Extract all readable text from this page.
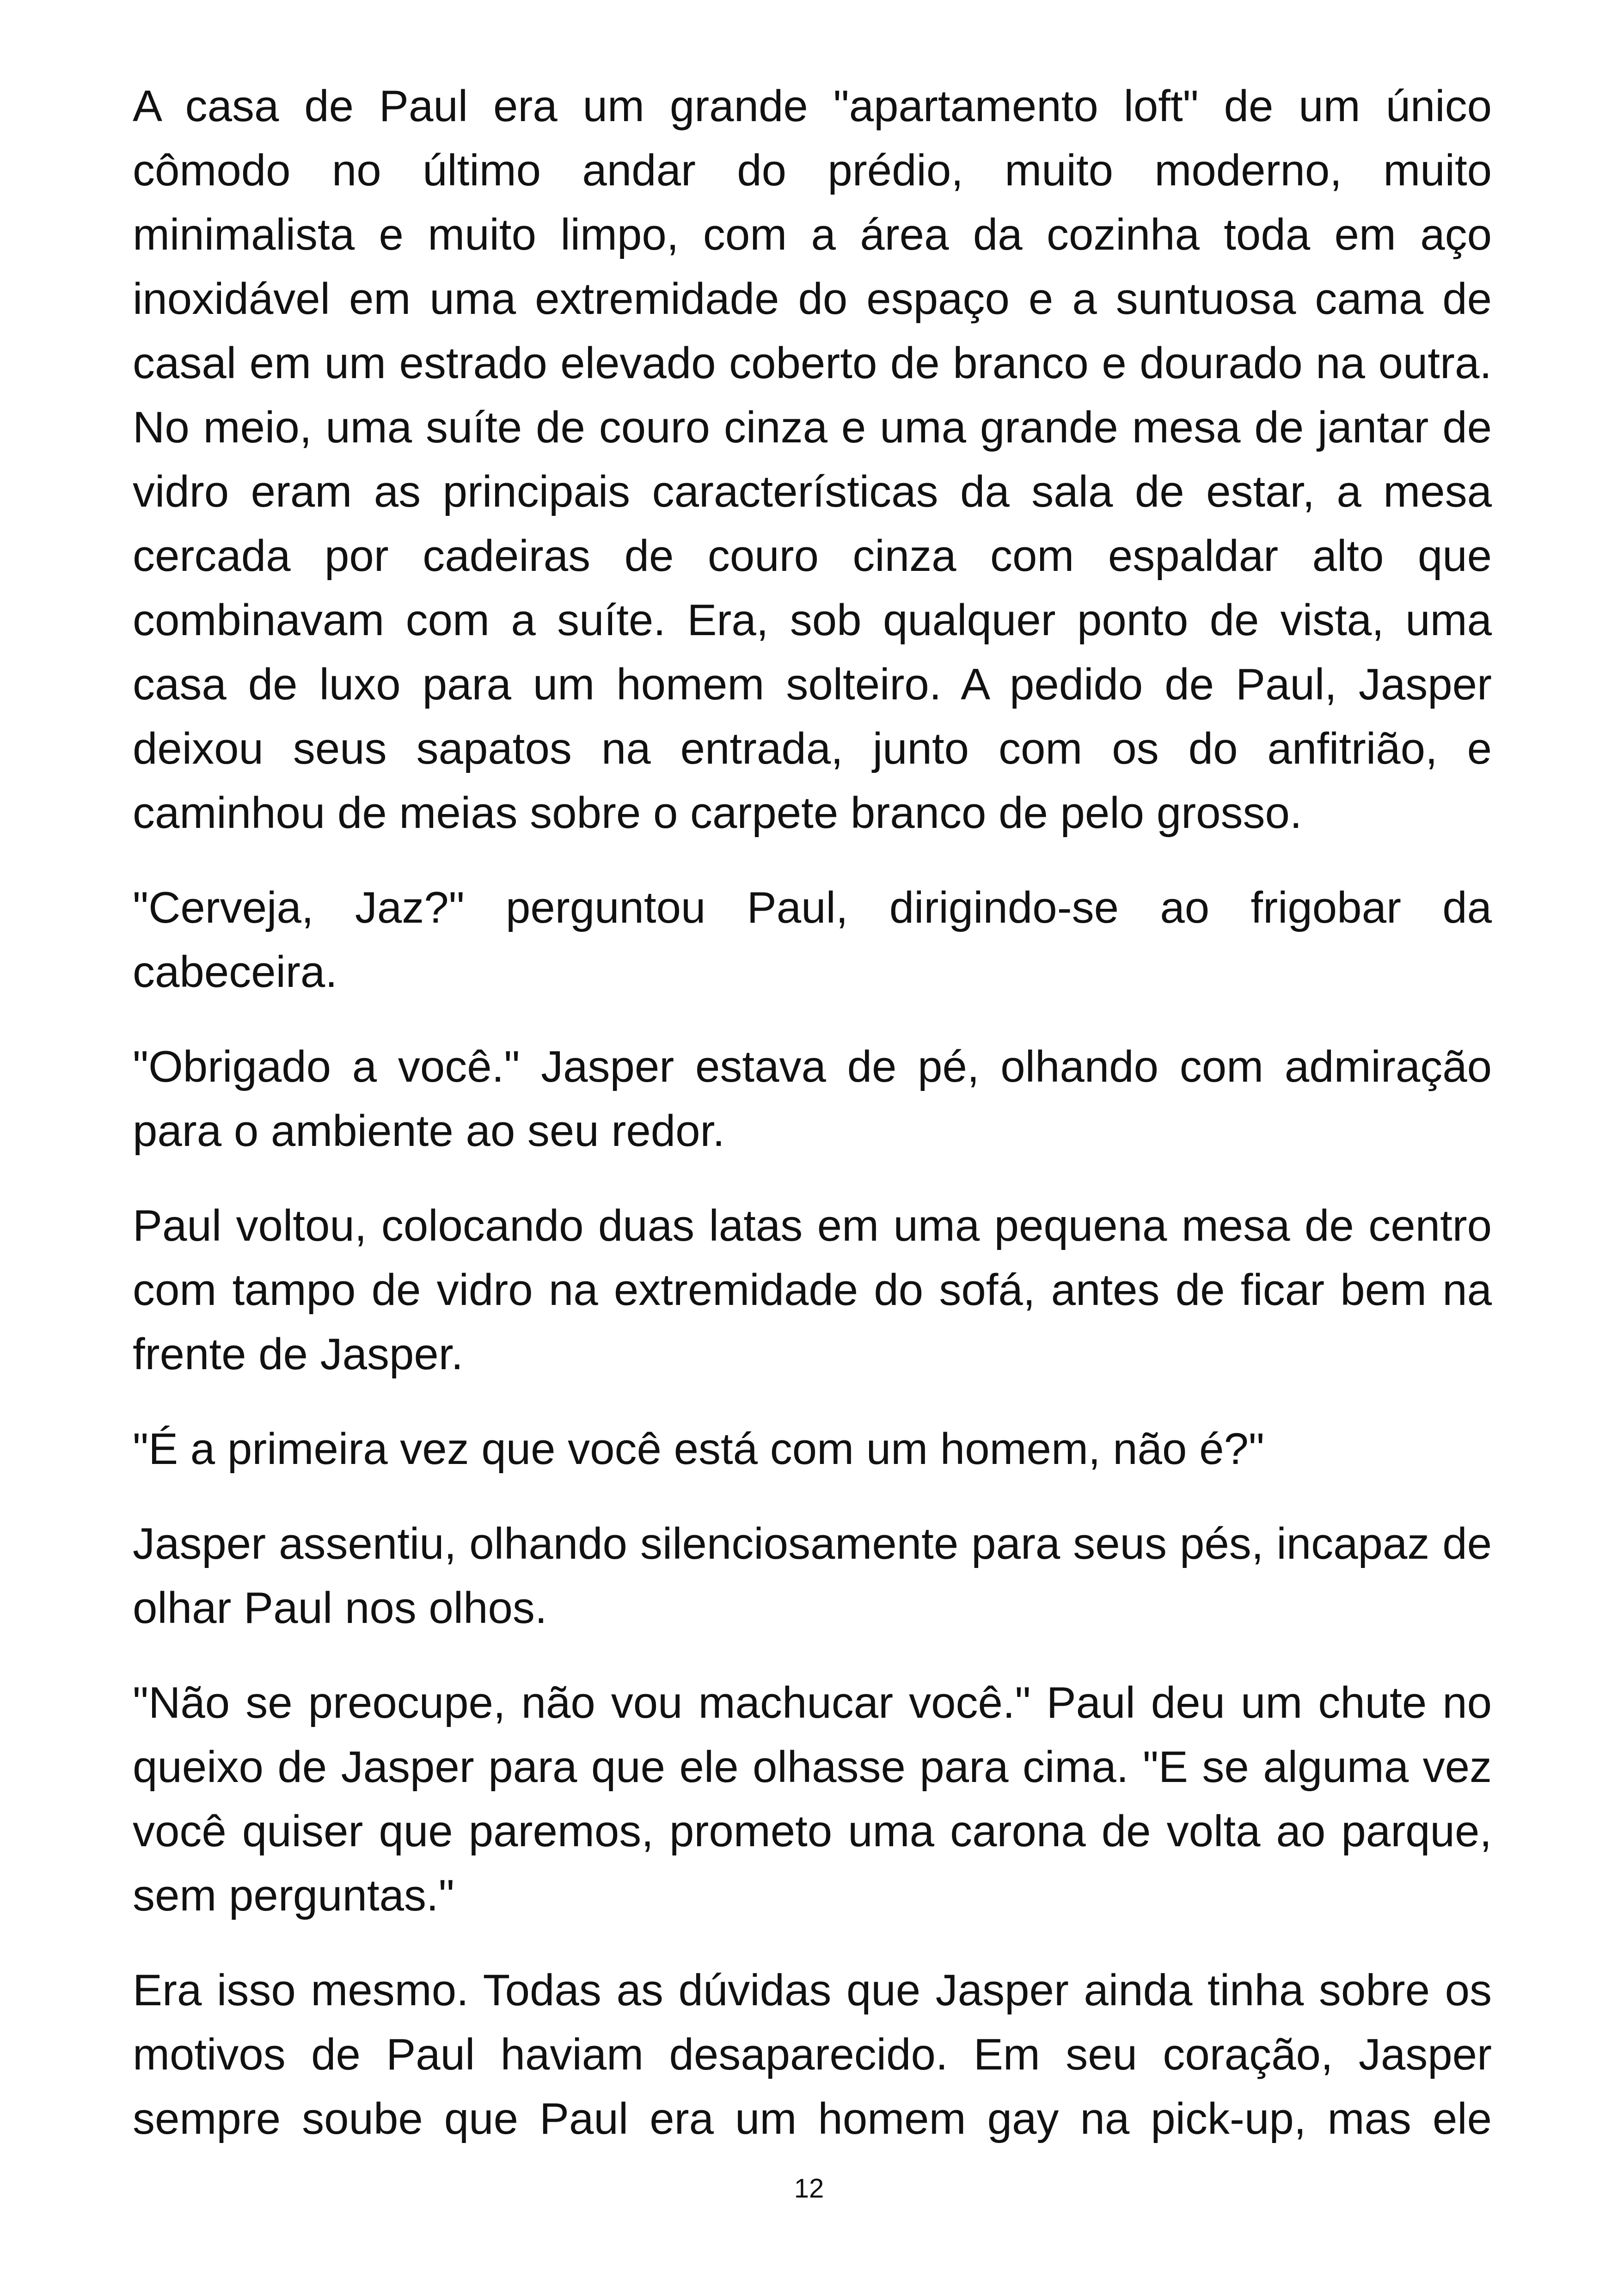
A casa de Paul era um grande "apartamento loft" de um único cômodo no último andar do prédio, muito moderno, muito minimalista e muito limpo, com a área da cozinha toda em aço inoxidável em uma extremidade do espaço e a suntuosa cama de casal em um estrado elevado coberto de branco e dourado na outra. No meio, uma suíte de couro cinza e uma grande mesa de jantar de vidro eram as principais características da sala de estar, a mesa cercada por cadeiras de couro cinza com espaldar alto que combinavam com a suíte. Era, sob qualquer ponto de vista, uma casa de luxo para um homem solteiro. A pedido de Paul, Jasper deixou seus sapatos na entrada, junto com os do anfitrião, e caminhou de meias sobre o carpete branco de pelo grosso.

"Cerveja, Jaz?" perguntou Paul, dirigindo-se ao frigobar da cabeceira.

"Obrigado a você." Jasper estava de pé, olhando com admiração para o ambiente ao seu redor.

Paul voltou, colocando duas latas em uma pequena mesa de centro com tampo de vidro na extremidade do sofá, antes de ficar bem na frente de Jasper.

"É a primeira vez que você está com um homem, não é?"

Jasper assentiu, olhando silenciosamente para seus pés, incapaz de olhar Paul nos olhos.

"Não se preocupe, não vou machucar você." Paul deu um chute no queixo de Jasper para que ele olhasse para cima. "E se alguma vez você quiser que paremos, prometo uma carona de volta ao parque, sem perguntas."

Era isso mesmo. Todas as dúvidas que Jasper ainda tinha sobre os motivos de Paul haviam desaparecido. Em seu coração, Jasper sempre soube que Paul era um homem gay na pick-up, mas ele

12
